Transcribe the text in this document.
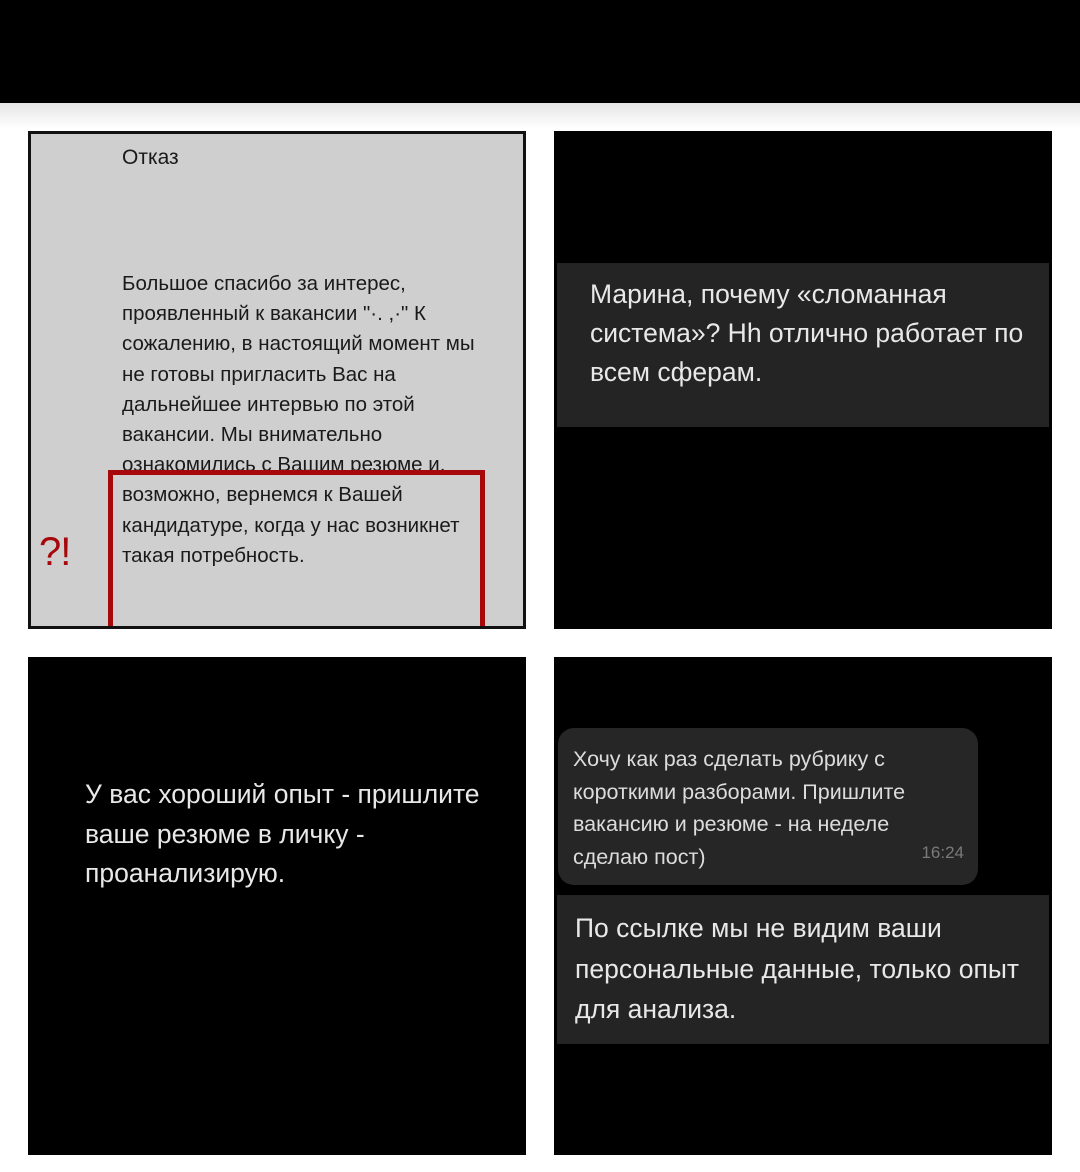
Отказ

Большое спасибо за интерес, проявленный к вакансии "·. ,·" К сожалению, в настоящий момент мы не готовы пригласить Вас на дальнейшее интервью по этой вакансии. Мы внимательно ознакомились с Вашим резюме и, возможно, вернемся к Вашей кандидатуре, когда у нас возникнет такая потребность.

?!
Марина, почему «сломанная система»? Hh отлично работает по всем сферам.
У вас хороший опыт - пришлите ваше резюме в личку - проанализирую.
Хочу как раз сделать рубрику с короткими разборами. Пришлите вакансию и резюме - на неделе сделаю пост)	16:24
По ссылке мы не видим ваши персональные данные, только опыт для анализа.
